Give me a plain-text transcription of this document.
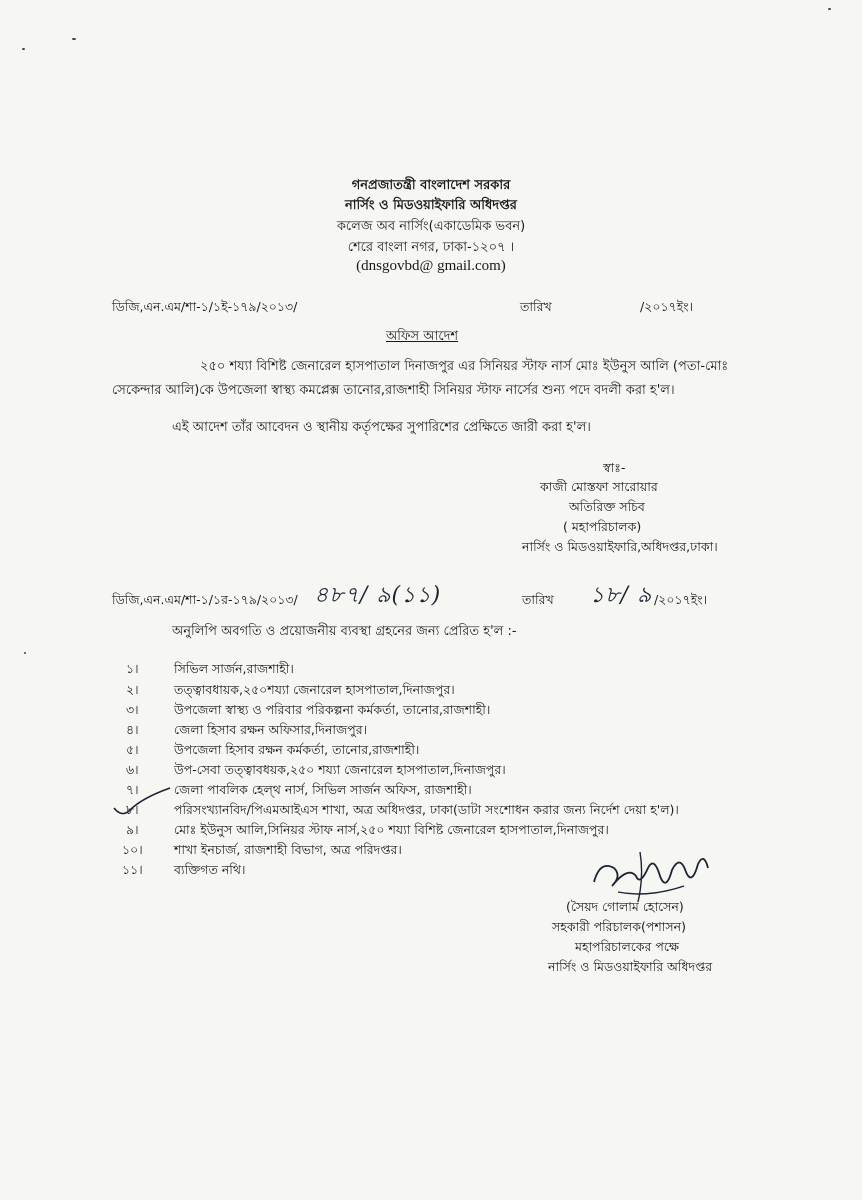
গনপ্রজাতন্ত্রী বাংলাদেশ সরকার
নার্সিং ও মিডওয়াইফারি অধিদপ্তর
কলেজ অব নার্সিং(একাডেমিক ভবন)
শেরে বাংলা নগর, ঢাকা-১২০৭ ।
(dnsgovbd@ gmail.com)
ডিজি,এন.এম/শা-১/১ই-১৭৯/২০১৩/	তারিখ	/২০১৭ইং।
অফিস আদেশ
২৫০ শয্যা বিশিষ্ট জেনারেল হাসপাতাল দিনাজপুর এর সিনিয়র স্টাফ নার্স মোঃ ইউনুস আলি (পতা-মোঃ
সেকেন্দার আলি)কে উপজেলা স্বাস্থ্য কমপ্লেক্স তানোর,রাজশাহী সিনিয়র স্টাফ নার্সের শুন্য পদে বদলী করা হ'ল।
এই আদেশ তাঁর আবেদন ও স্থানীয় কর্তৃপক্ষের সুপারিশের প্রেক্ষিতে জারী করা হ'ল।
স্বাঃ-
কাজী মোস্তফা সারোয়ার
অতিরিক্ত সচিব
( মহাপরিচালক)
নার্সিং ও মিডওয়াইফারি,অধিদপ্তর,ঢাকা।
ডিজি,এন.এম/শা-১/১র-১৭৯/২০১৩/ ৪৮৭/ ৯(১১)	তারিখ ১৮/ ৯ /২০১৭ইং।
অনুলিপি অবগতি ও প্রয়োজনীয় ব্যবস্থা গ্রহনের জন্য প্রেরিত হ'ল :-
১।	সিভিল সার্জন,রাজশাহী।
২।	তত্ত্বাবধায়ক,২৫০শয্যা জেনারেল হাসপাতাল,দিনাজপুর।
৩।	উপজেলা স্বাস্থ্য ও পরিবার পরিকল্পনা কর্মকর্তা, তানোর,রাজশাহী।
৪।	জেলা হিসাব রক্ষন অফিসার,দিনাজপুর।
৫।	উপজেলা হিসাব রক্ষন কর্মকর্তা, তানোর,রাজশাহী।
৬।	উপ-সেবা তত্ত্বাবধয়ক,২৫০ শয্যা জেনারেল হাসপাতাল,দিনাজপুর।
৭।	জেলা পাবলিক হেল্থ নার্স, সিভিল সার্জন অফিস, রাজশাহী।
৮।	পরিসংখ্যানবিদ/পিএমআইএস শাখা, অত্র অধিদপ্তর, ঢাকা(ডাটা সংশোধন করার জন্য নির্দেশ দেয়া হ'ল)।
৯।	মোঃ ইউনুস আলি,সিনিয়র স্টাফ নার্স,২৫০ শয্যা বিশিষ্ট জেনারেল হাসপাতাল,দিনাজপুর।
১০।	শাখা ইনচার্জ, রাজশাহী বিভাগ, অত্র পরিদপ্তর।
১১।	ব্যক্তিগত নথি।
(সৈয়দ গোলাম হোসেন)
সহকারী পরিচালক(পশাসন)
মহাপরিচালকের পক্ষে
নার্সিং ও মিডওয়াইফারি অধিদপ্তর
